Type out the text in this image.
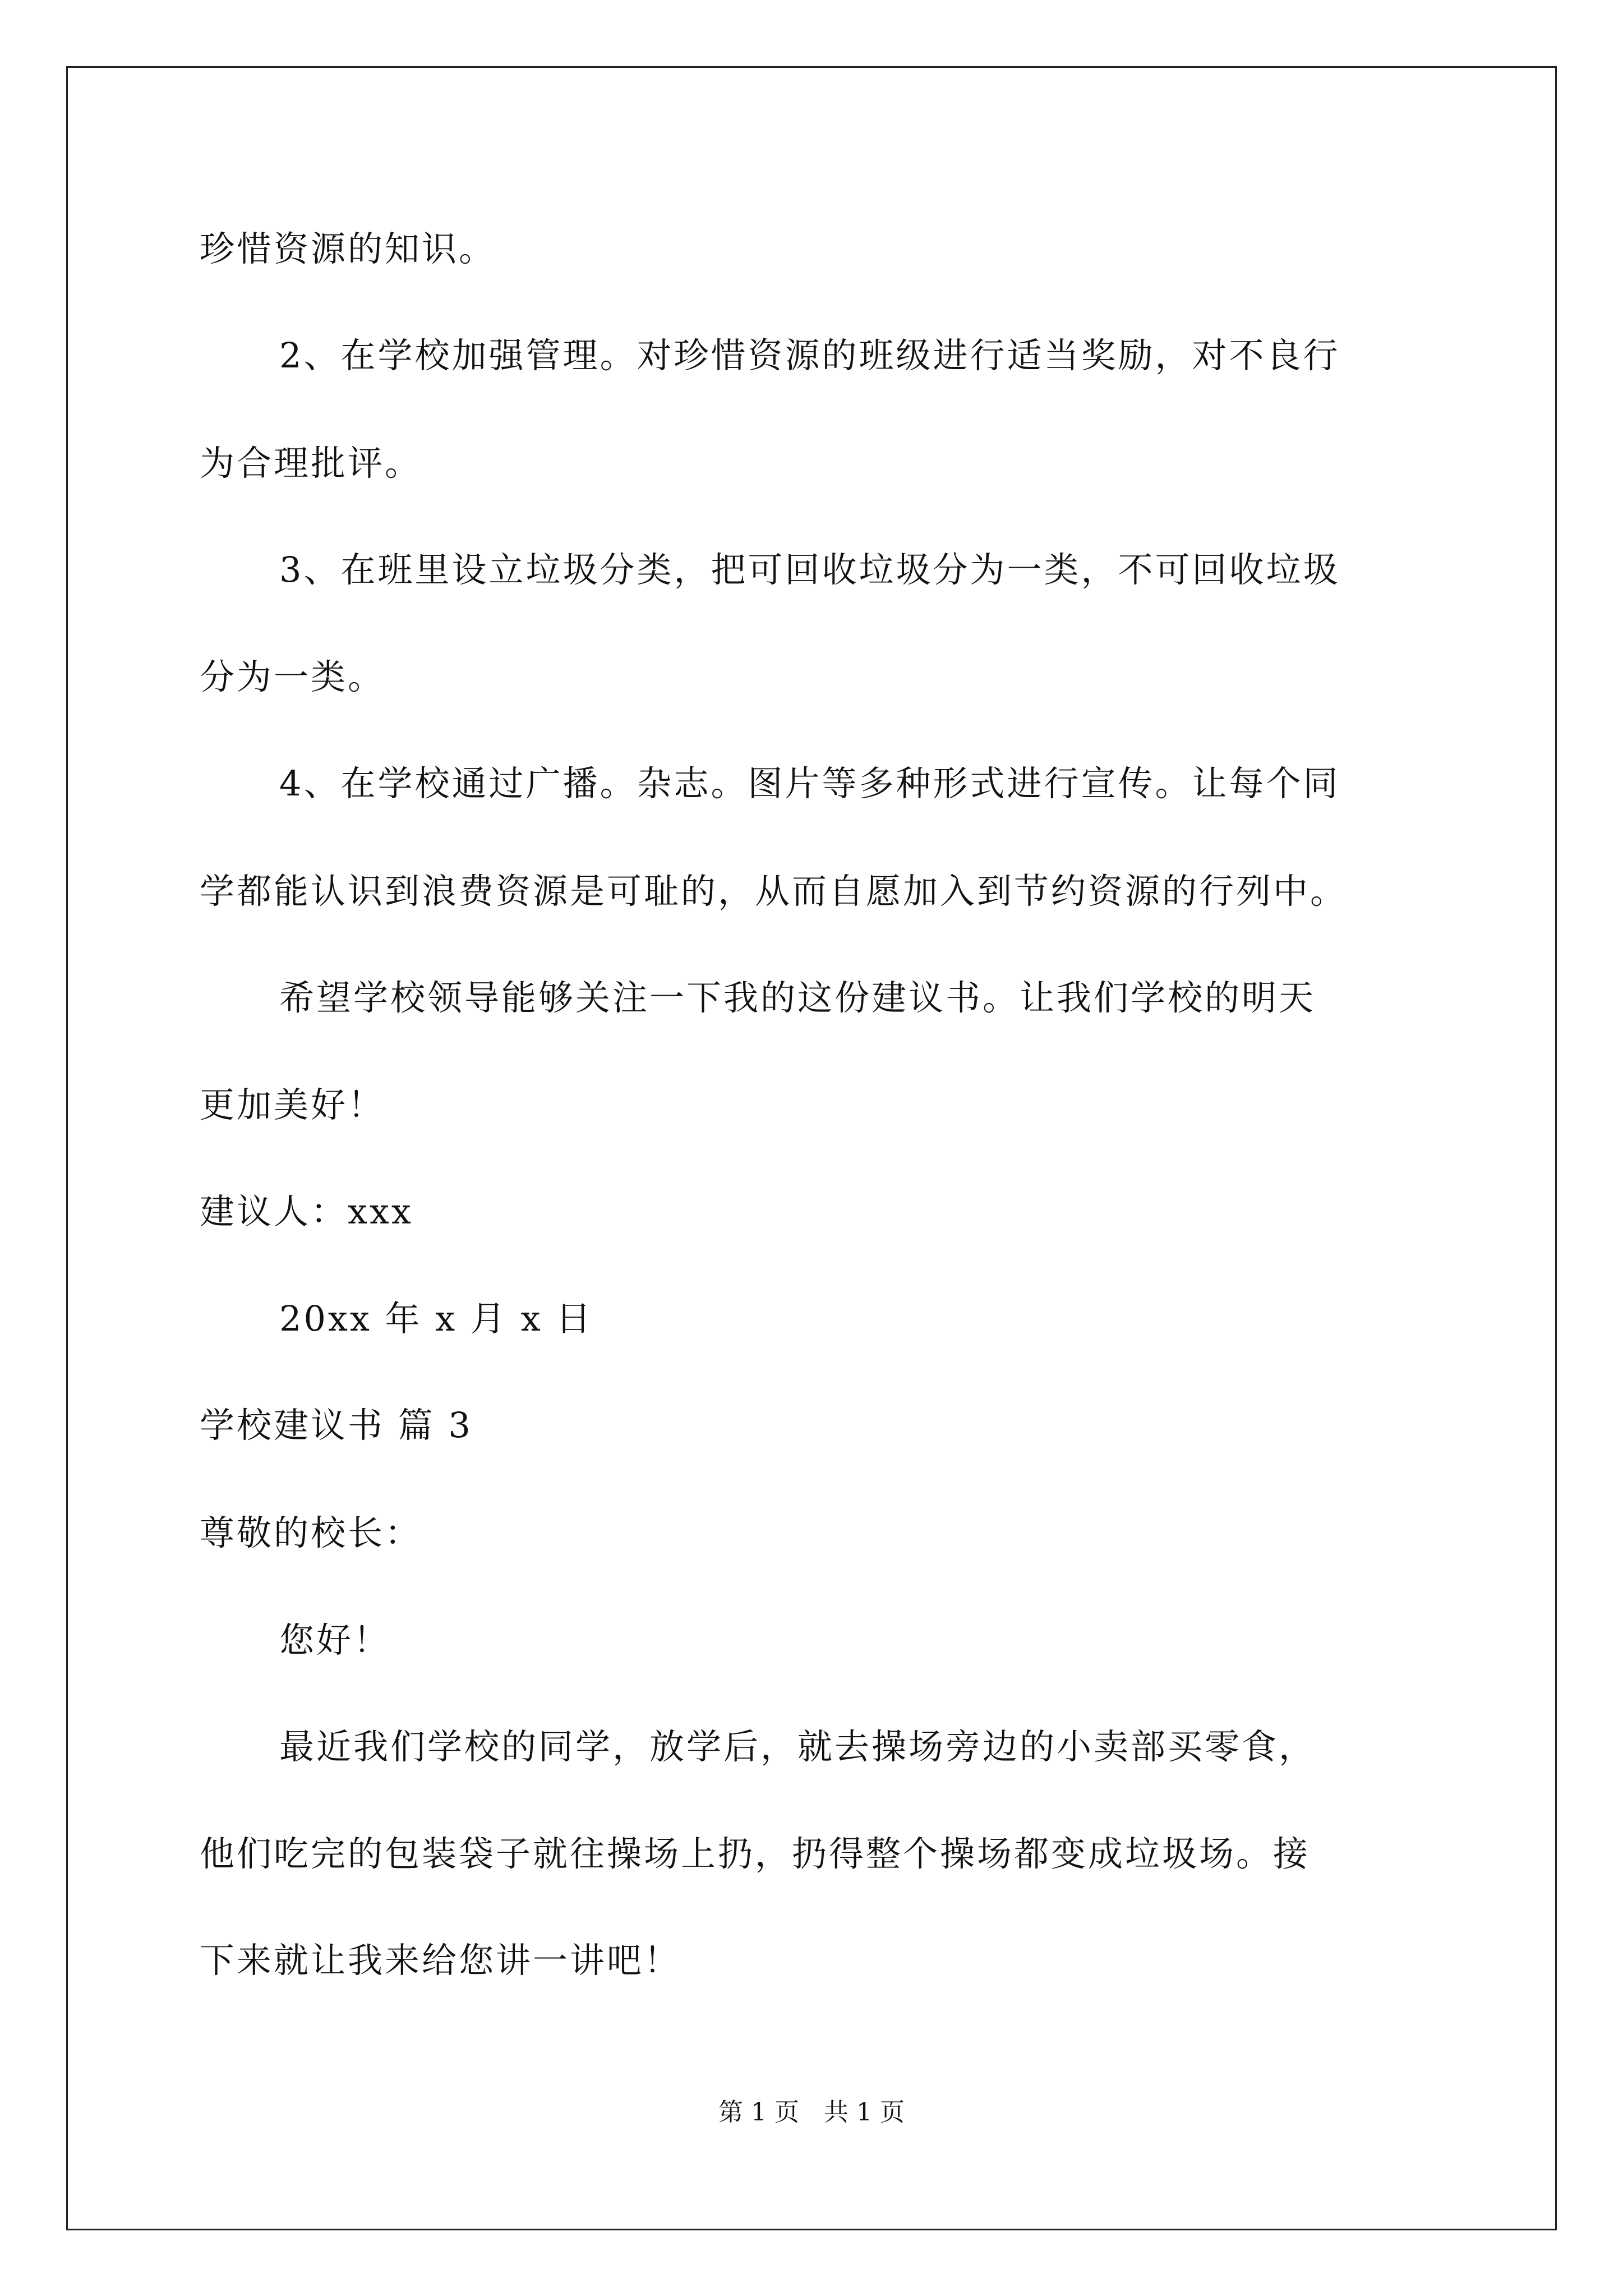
珍惜资源的知识。
2、在学校加强管理。对珍惜资源的班级进行适当奖励，对不良行
为合理批评。
3、在班里设立垃圾分类，把可回收垃圾分为一类，不可回收垃圾
分为一类。
4、在学校通过广播。杂志。图片等多种形式进行宣传。让每个同
学都能认识到浪费资源是可耻的，从而自愿加入到节约资源的行列中。
希望学校领导能够关注一下我的这份建议书。让我们学校的明天
更加美好！
建议人：xxx
20xx 年 x 月 x 日
学校建议书 篇 3
尊敬的校长：
您好！
最近我们学校的同学，放学后，就去操场旁边的小卖部买零食，
他们吃完的包装袋子就往操场上扔，扔得整个操场都变成垃圾场。接
下来就让我来给您讲一讲吧！
第 1 页　共 1 页
